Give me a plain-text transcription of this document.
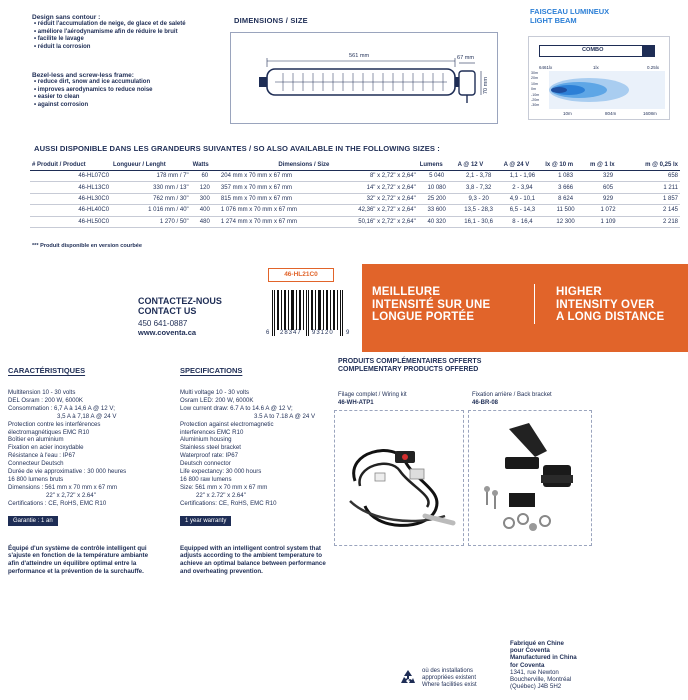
Design sans contour :
• réduit l'accumulation de neige, de glace et de saleté
• améliore l'aérodynamisme afin de réduire le bruit
• facilite le lavage
• réduit la corrosion
Bezel-less and screw-less frame:
• reduce dirt, snow and ice accumulation
• improves aerodynamics to reduce noise
• easier to clean
• against corrosion
DIMENSIONS / SIZE
561 mm	67 mm
70 mm
FAISCEAU LUMINEUX
LIGHT BEAM
COMBO
6461lx	1lx	0.25lx
30m
20m
10m
0m
-10m
-20m
-30m
10m	804m	1608m
AUSSI DISPONIBLE DANS LES GRANDEURS SUIVANTES / SO ALSO AVAILABLE IN THE FOLLOWING SIZES :
# Produit / Product	Longueur / Lenght	Watts	Dimensions / Size		Lumens	A @ 12 V	A @ 24 V	lx @ 10 m	m @ 1 lx	m @ 0,25 lx
46-HL07C0	178 mm / 7"	60	204 mm x 70 mm x 67 mm	8" x 2,72" x 2,64"	5 040	2,1 - 3,78	1,1 - 1,96	1 083	329	658
46-HL13C0	330 mm / 13"	120	357 mm x 70 mm x 67 mm	14" x 2,72" x 2,64"	10 080	3,8 - 7,32	2 - 3,94	3 666	605	1 211
46-HL30C0	762 mm / 30"	300	815 mm x 70 mm x 67 mm	32" x 2,72" x 2,64"	25 200	9,3 - 20	4,9 - 10,1	8 624	929	1 857
46-HL40C0	1 016 mm / 40"	400	1 076 mm x 70 mm x 67 mm	42,36" x 2,72" x 2,64"	33 600	13,5 - 28,3	6,5 - 14,3	11 500	1 072	2 145
46-HL50C0	1 270 / 50"	480	1 274 mm x 70 mm x 67 mm	50,16" x 2,72" x 2,64"	40 320	16,1 - 30,6	8 - 16,4	12 300	1 109	2 218
*** Produit disponible en version courbée
46-HL21C0
6 28347 93120 9
CONTACTEZ-NOUS
CONTACT US
450 641-0887
www.coventa.ca
MEILLEURE
INTENSITÉ SUR UNE
LONGUE PORTÉE
HIGHER
INTENSITY OVER
A LONG DISTANCE
CARACTÉRISTIQUES
Multitension 10 - 30 volts
DEL Osram : 200 W, 6000K
Consommation : 6,7 A à 14,6 A @ 12 V;
3,5 A à 7,18 A @ 24 V
Protection contre les interférences
électromagnétiques EMC R10
Boîtier en aluminium
Fixation en acier inoxydable
Résistance à l'eau : IP67
Connecteur Deutsch
Durée de vie approximative : 30 000 heures
16 800 lumens bruts
Dimensions : 561 mm x 70 mm x 67 mm
22" x 2,72" x 2.64"
Certifications : CE, RoHS, EMC R10
Garantie : 1 an
Équipé d'un système de contrôle intelligent qui s'ajuste en fonction de la température ambiante afin d'atteindre un équilibre optimal entre la performance et la prévention de la surchauffe.
SPECIFICATIONS
Multi voltage 10 - 30 volts
Osram LED: 200 W, 6000K
Low current draw: 6.7 A to 14.6 A @ 12 V;
3.5 A to 7.18 A @ 24 V
Protection against electromagnetic
interferences EMC R10
Aluminium housing
Stainless steel bracket
Waterproof rate: IP67
Deutsch connector
Life expectancy: 30 000 hours
16 800 raw lumens
Size: 561 mm x 70 mm x 67 mm
22" x 2.72" x 2.64"
Certifications: CE, RoHS, EMC R10
1 year warranty
Equipped with an intelligent control system that adjusts according to the ambient temperature to achieve an optimal balance between performance and overheating prevention.
PRODUITS COMPLÉMENTAIRES OFFERTS
COMPLEMENTARY PRODUCTS OFFERED
Filage complet / Wiring kit
46-WH-ATP1
Fixation arrière / Back bracket
46-BR-08
où des installations
appropriées existent
Where facilities exist
Fabriqué en Chine
pour Coventa
Manufactured in China
for Coventa
1341, rue Newton
Boucherville, Montréal
(Québec) J4B 5H2
